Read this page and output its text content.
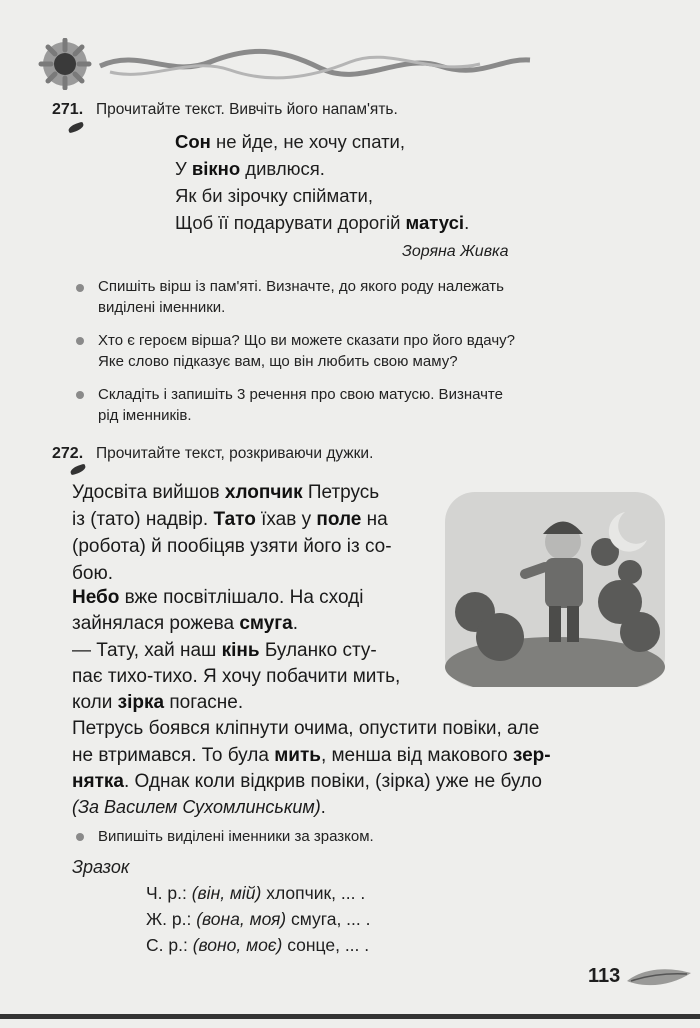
271. Прочитайте текст. Вивчіть його напам'ять.
Сон не йде, не хочу спати,
У вікно дивлюся.
Як би зірочку спіймати,
Щоб її подарувати дорогій матусі.
Зоряна Живка
Спишіть вірш із пам'яті. Визначте, до якого роду належать
виділені іменники.
Хто є героєм вірша? Що ви можете сказати про його вдачу?
Яке слово підказує вам, що він любить свою маму?
Складіть і запишіть 3 речення про свою матусю. Визначте
рід іменників.
272. Прочитайте текст, розкриваючи дужки.
Удосвіта вийшов хлопчик Петрусь
із (тато) надвір. Тато їхав у поле на
(робота) й пообіцяв узяти його із со-
бою.
Небо вже посвітлішало. На сході
зайнялася рожева смуга.
— Тату, хай наш кінь Буланко сту-
пає тихо-тихо. Я хочу побачити мить,
коли зірка погасне.
Петрусь боявся кліпнути очима, опустити повіки, але
не втримався. То була мить, менша від макового зер-
нятка. Однак коли відкрив повіки, (зірка) уже не було
(За Василем Сухомлинським).
Випишіть виділені іменники за зразком.
Зразок
Ч. р.: (він, мій) хлопчик, ... .
Ж. р.: (вона, моя) смуга, ... .
С. р.: (воно, моє) сонце, ... .
113
